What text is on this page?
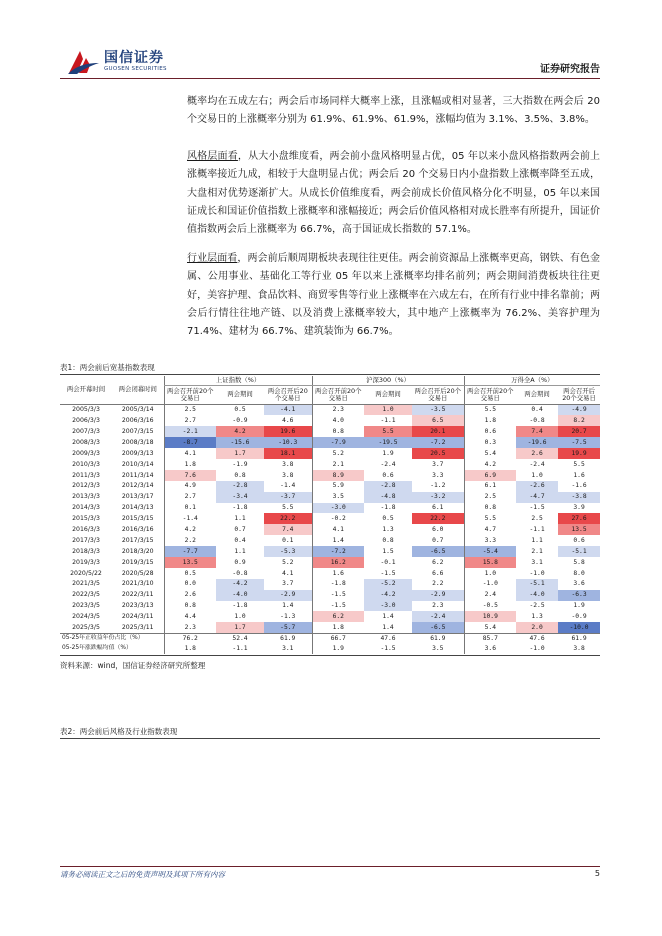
国信证券
GUOSEN SECURITIES	证券研究报告
概率均在五成左右；两会后市场同样大概率上涨，且涨幅或相对显著，三大指数在两会后 20 个交易日的上涨概率分别为 61.9%、61.9%、61.9%，涨幅均值为 3.1%、3.5%、3.8%。
风格层面看，从大小盘维度看，两会前小盘风格明显占优，05 年以来小盘风格指数两会前上涨概率接近九成，相较于大盘明显占优；两会后 20 个交易日内小盘指数上涨概率降至五成，大盘相对优势逐渐扩大。从成长价值维度看，两会前成长价值风格分化不明显，05 年以来国证成长和国证价值指数上涨概率和涨幅接近；两会后价值风格相对成长胜率有所提升，国证价值指数两会后上涨概率为 66.7%，高于国证成长指数的 57.1%。
行业层面看，两会前后顺周期板块表现往往更佳。两会前资源品上涨概率更高，钢铁、有色金属、公用事业、基础化工等行业 05 年以来上涨概率均排名前列；两会期间消费板块往往更好，美容护理、食品饮料、商贸零售等行业上涨概率在六成左右，在所有行业中排名靠前；两会后行情往往地产链、以及消费上涨概率较大，其中地产上涨概率为 76.2%、美容护理为 71.4%、建材为 66.7%、建筑装饰为 66.7%。
表1：两会前后宽基指数表现
两会开幕时间	两会闭幕时间	上证指数（%）			沪深300（%）			万得全A（%）		
		两会召开前20个交易日	两会期间	两会召开后20个交易日	两会召开前20个交易日	两会期间	两会召开后20个交易日	两会召开前20个交易日	两会期间	两会召开后20个交易日
2005/3/3	2005/3/14	2.5	0.5	-4.1	2.3	1.0	-3.5	5.5	0.4	-4.9
2006/3/3	2006/3/16	2.7	-0.9	4.6	4.0	-1.1	6.5	1.8	-0.8	8.2
2007/3/3	2007/3/15	-2.1	4.2	19.6	0.8	5.5	20.1	0.6	7.4	20.7
2008/3/3	2008/3/18	-8.7	-15.6	-10.3	-7.9	-19.5	-7.2	0.3	-19.6	-7.5
2009/3/3	2009/3/13	4.1	1.7	18.1	5.2	1.9	20.5	5.4	2.6	19.9
2010/3/3	2010/3/14	1.8	-1.9	3.8	2.1	-2.4	3.7	4.2	-2.4	5.5
2011/3/3	2011/3/14	7.6	0.8	3.8	8.9	0.6	3.3	6.9	1.0	1.6
2012/3/3	2012/3/14	4.9	-2.8	-1.4	5.9	-2.8	-1.2	6.1	-2.6	-1.6
2013/3/3	2013/3/17	2.7	-3.4	-3.7	3.5	-4.8	-3.2	2.5	-4.7	-3.8
2014/3/3	2014/3/13	0.1	-1.8	5.5	-3.0	-1.8	6.1	0.8	-1.5	3.9
2015/3/3	2015/3/15	-1.4	1.1	22.2	-0.2	0.5	22.2	5.5	2.5	27.6
2016/3/3	2016/3/16	4.2	0.7	7.4	4.1	1.3	6.0	4.7	-1.1	13.5
2017/3/3	2017/3/15	2.2	0.4	0.1	1.4	0.8	0.7	3.3	1.1	0.6
2018/3/3	2018/3/20	-7.7	1.1	-5.3	-7.2	1.5	-6.5	-5.4	2.1	-5.1
2019/3/3	2019/3/15	13.5	0.9	5.2	16.2	-0.1	6.2	15.8	3.1	5.8
2020/5/22	2020/5/28	0.5	-0.8	4.1	1.6	-1.5	6.6	1.0	-1.0	8.0
2021/3/5	2021/3/10	0.0	-4.2	3.7	-1.8	-5.2	2.2	-1.0	-5.1	3.6
2022/3/5	2022/3/11	2.6	-4.0	-2.9	-1.5	-4.2	-2.9	2.4	-4.0	-6.3
2023/3/5	2023/3/13	0.8	-1.8	1.4	-1.5	-3.0	2.3	-0.5	-2.5	1.9
2024/3/5	2024/3/11	4.4	1.0	-1.3	6.2	1.4	-2.4	10.9	1.3	-0.9
2025/3/5	2025/3/11	2.3	1.7	-5.7	1.8	1.4	-6.5	5.4	2.0	-10.0
05-25年正收益年份占比（%）		76.2	52.4	61.9	66.7	47.6	61.9	85.7	47.6	61.9
05-25年涨跌幅均值（%）		1.8	-1.1	3.1	1.9	-1.5	3.5	3.6	-1.0	3.8
资料来源：wind，国信证券经济研究所整理
表2：两会前后风格及行业指数表现
请务必阅读正文之后的免责声明及其项下所有内容	5
